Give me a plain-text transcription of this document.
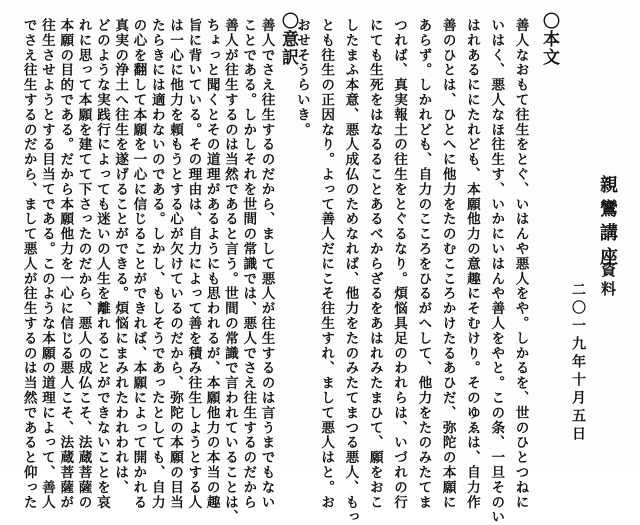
親鸞講座
資料
二〇一九年十月五日
〇本文
善人なおもて往生をとぐ、いはんや悪人をや。しかるを、世のひとつねに
いはく、悪人なほ往生す、いかにいはんや善人をやと。この条、一旦そのい
はれあるににたれども、本願他力の意趣にそむけり。そのゆゑは、自力作
善のひとは、ひとへに他力をたのむこころかけたるあひだ、弥陀の本願に
あらず。しかれども、自力のこころをひるがへして、他力をたのみたてま
つれば、真実報土の往生をとぐるなり。煩悩具足のわれらは、いづれの行
にても生死をはなるることあるべからざるをあはれみたまひて、願をおこ
したまふ本意、悪人成仏のためなれば、他力をたのみたてまつる悪人、もっ
とも往生の正因なり。よって善人だにこそ往生すれ、まして悪人はと。お
おせそうらいき。
〇意訳
善人でさえ往生するのだから、まして悪人が往生するのは言うまでもない
ことである。しかしそれを世間の常識では、悪人でさえ往生するのだから
善人が往生するのは当然であると言う。世間の常識で言われていることは、
ちょっと聞くとその道理があるようにも思われるが、本願他力の本当の趣
旨に背いている。その理由は、自力によって善を積み往生しようとする人
は一心に他力を頼もうとする心が欠けているのだから、弥陀の本願の目当
たらきには適わないのである。しかし、もしそうであったとしても、自力
の心を翻して本願を一心に信じることができれば、本願によって開かれる
真実の浄土へ往生を遂げることができる。煩悩にまみれたわれわれは、
どのような実践行によっても迷いの人生を離れることができないことを哀
れに思って本願を建てて下さったのだから、悪人の成仏こそ、法蔵菩薩の
本願の目的である。だから本願他力を一心に信じる悪人こそ、法蔵菩薩が
往生させようとする目当てである。このような本願の道理によって、善人
でさえ往生するのだから、まして悪人が往生するのは当然であると仰った
